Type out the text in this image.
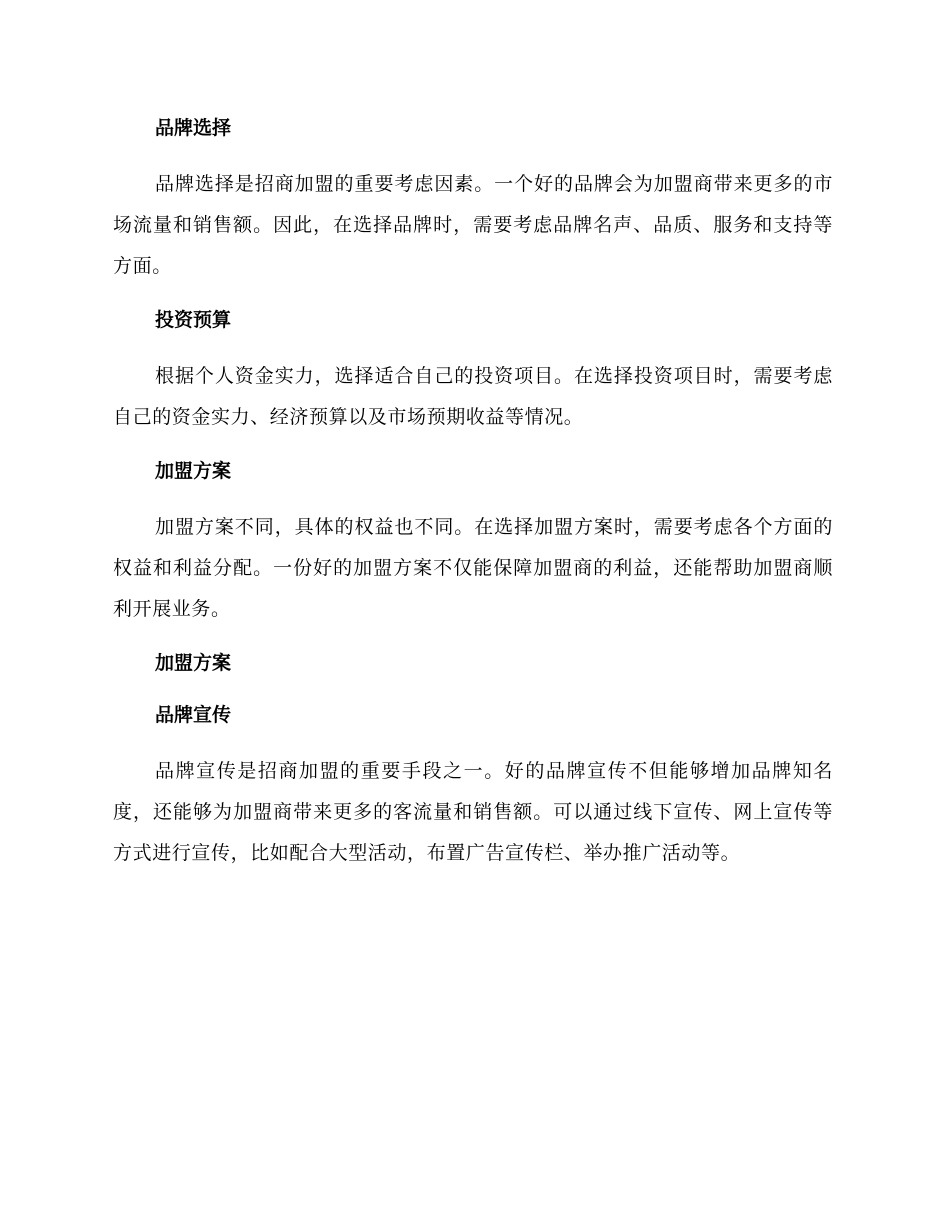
品牌选择

品牌选择是招商加盟的重要考虑因素。一个好的品牌会为加盟商带来更多的市场流量和销售额。因此，在选择品牌时，需要考虑品牌名声、品质、服务和支持等方面。

投资预算

根据个人资金实力，选择适合自己的投资项目。在选择投资项目时，需要考虑自己的资金实力、经济预算以及市场预期收益等情况。

加盟方案

加盟方案不同，具体的权益也不同。在选择加盟方案时，需要考虑各个方面的权益和利益分配。一份好的加盟方案不仅能保障加盟商的利益，还能帮助加盟商顺利开展业务。

加盟方案
品牌宣传

品牌宣传是招商加盟的重要手段之一。好的品牌宣传不但能够增加品牌知名度，还能够为加盟商带来更多的客流量和销售额。可以通过线下宣传、网上宣传等方式进行宣传，比如配合大型活动，布置广告宣传栏、举办推广活动等。
